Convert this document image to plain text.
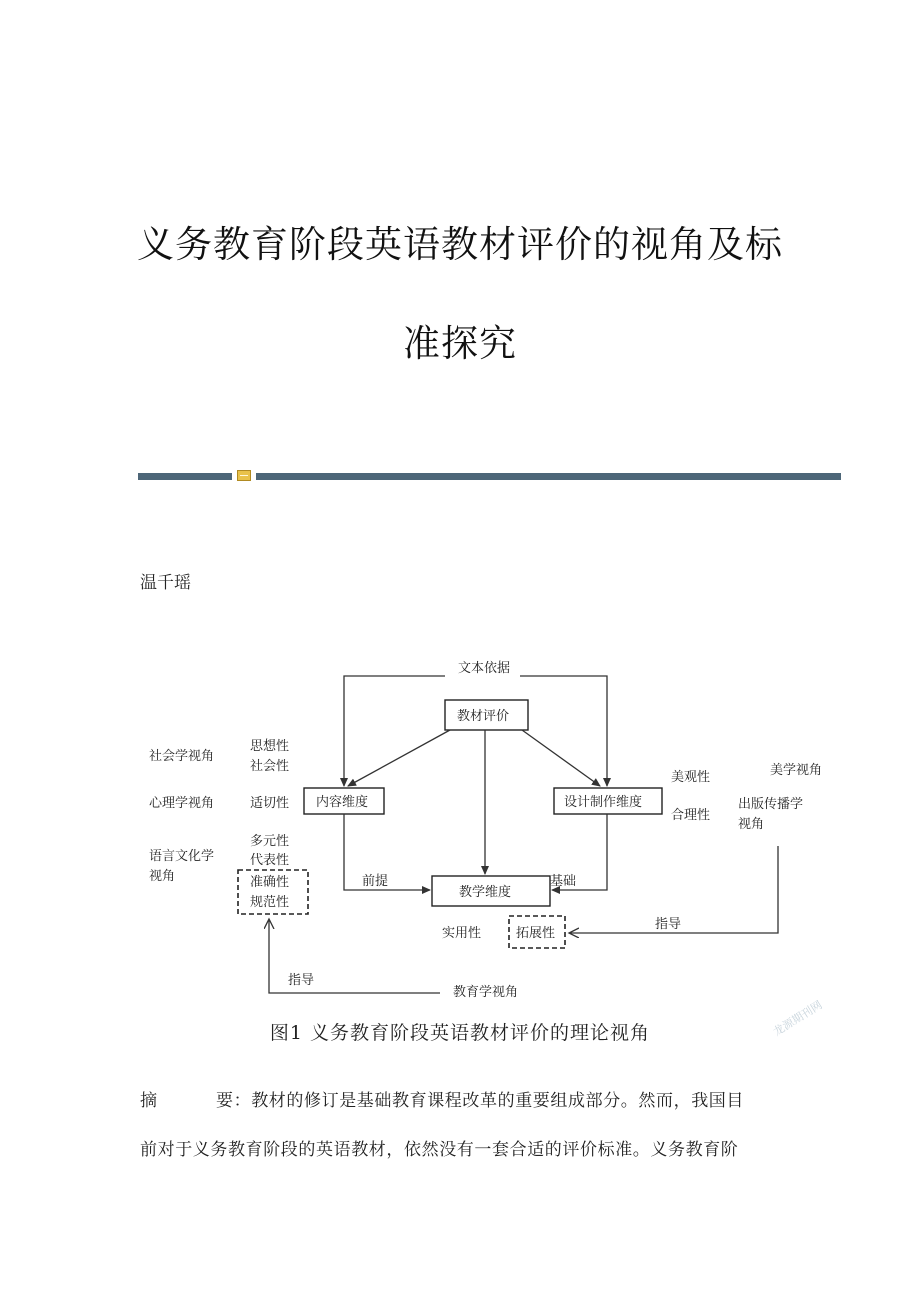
义务教育阶段英语教材评价的视角及标
准探究
温千瑶
文本依据
教材评价
内容维度	设计制作维度
教学维度
前提	基础
社会学视角
心理学视角
语言文化学
视角
思想性
社会性
适切性
多元性
代表性
准确性
规范性
美观性
合理性
美学视角
出版传播学
视角
实用性	拓展性
指导
指导
教育学视角
图1 义务教育阶段英语教材评价的理论视角	龙源期刊网
摘	要：教材的修订是基础教育课程改革的重要组成部分。然而，我国目
前对于义务教育阶段的英语教材，依然没有一套合适的评价标准。义务教育阶
